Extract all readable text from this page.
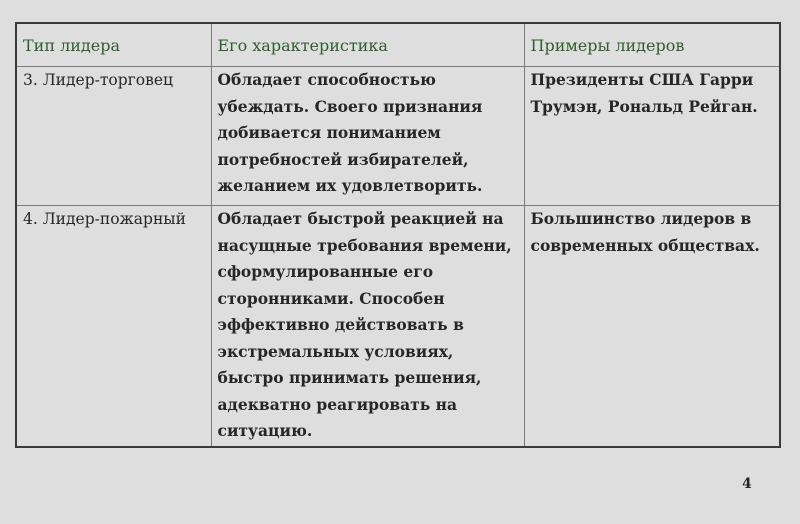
Тип лидера	Его характеристика	Примеры лидеров
3. Лидер-торговец	Обладает способностью убеждать. Своего признания добивается пониманием потребностей избирателей, желанием их удовлетворить.	Президенты США Гарри Трумэн, Рональд Рейган.
4. Лидер-пожарный	Обладает быстрой реакцией на насущные требования времени, сформулированные его сторонниками. Способен эффективно действовать в экстремальных условиях, быстро принимать решения, адекватно реагировать на ситуацию.	Большинство лидеров в современных обществах.
4
